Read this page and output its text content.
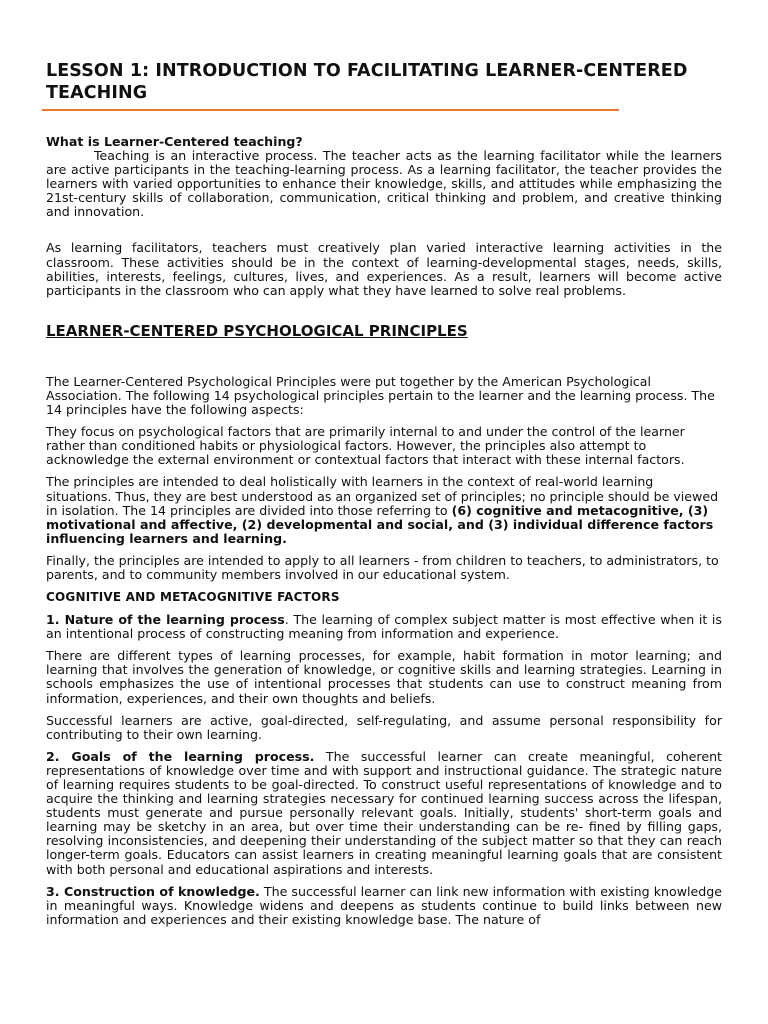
LESSON 1: INTRODUCTION TO FACILITATING LEARNER-CENTERED TEACHING
What is Learner-Centered teaching?

Teaching is an interactive process. The teacher acts as the learning facilitator while the learners are active participants in the teaching-learning process. As a learning facilitator, the teacher provides the learners with varied opportunities to enhance their knowledge, skills, and attitudes while emphasizing the 21st-century skills of collaboration, communication, critical thinking and problem, and creative thinking and innovation.

As learning facilitators, teachers must creatively plan varied interactive learning activities in the classroom. These activities should be in the context of learning-developmental stages, needs, skills, abilities, interests, feelings, cultures, lives, and experiences. As a result, learners will become active participants in the classroom who can apply what they have learned to solve real problems.

LEARNER-CENTERED PSYCHOLOGICAL PRINCIPLES

The Learner-Centered Psychological Principles were put together by the American Psychological Association. The following 14 psychological principles pertain to the learner and the learning process. The 14 principles have the following aspects:

They focus on psychological factors that are primarily internal to and under the control of the learner rather than conditioned habits or physiological factors. However, the principles also attempt to acknowledge the external environment or contextual factors that interact with these internal factors.

The principles are intended to deal holistically with learners in the context of real-world learning situations. Thus, they are best understood as an organized set of principles; no principle should be viewed in isolation. The 14 principles are divided into those referring to (6) cognitive and metacognitive, (3) motivational and affective, (2) developmental and social, and (3) individual difference factors influencing learners and learning.

Finally, the principles are intended to apply to all learners - from children to teachers, to administrators, to parents, and to community members involved in our educational system.

COGNITIVE AND METACOGNITIVE FACTORS

1. Nature of the learning process. The learning of complex subject matter is most effective when it is an intentional process of constructing meaning from information and experience.

There are different types of learning processes, for example, habit formation in motor learning; and learning that involves the generation of knowledge, or cognitive skills and learning strategies. Learning in schools emphasizes the use of intentional processes that students can use to construct meaning from information, experiences, and their own thoughts and beliefs.

Successful learners are active, goal-directed, self-regulating, and assume personal responsibility for contributing to their own learning.

2. Goals of the learning process. The successful learner can create meaningful, coherent representations of knowledge over time and with support and instructional guidance. The strategic nature of learning requires students to be goal-directed. To construct useful representations of knowledge and to acquire the thinking and learning strategies necessary for continued learning success across the lifespan, students must generate and pursue personally relevant goals. Initially, students' short-term goals and learning may be sketchy in an area, but over time their understanding can be re- fined by filling gaps, resolving inconsistencies, and deepening their understanding of the subject matter so that they can reach longer-term goals. Educators can assist learners in creating meaningful learning goals that are consistent with both personal and educational aspirations and interests.

3. Construction of knowledge. The successful learner can link new information with existing knowledge in meaningful ways. Knowledge widens and deepens as students continue to build links between new information and experiences and their existing knowledge base. The nature of
